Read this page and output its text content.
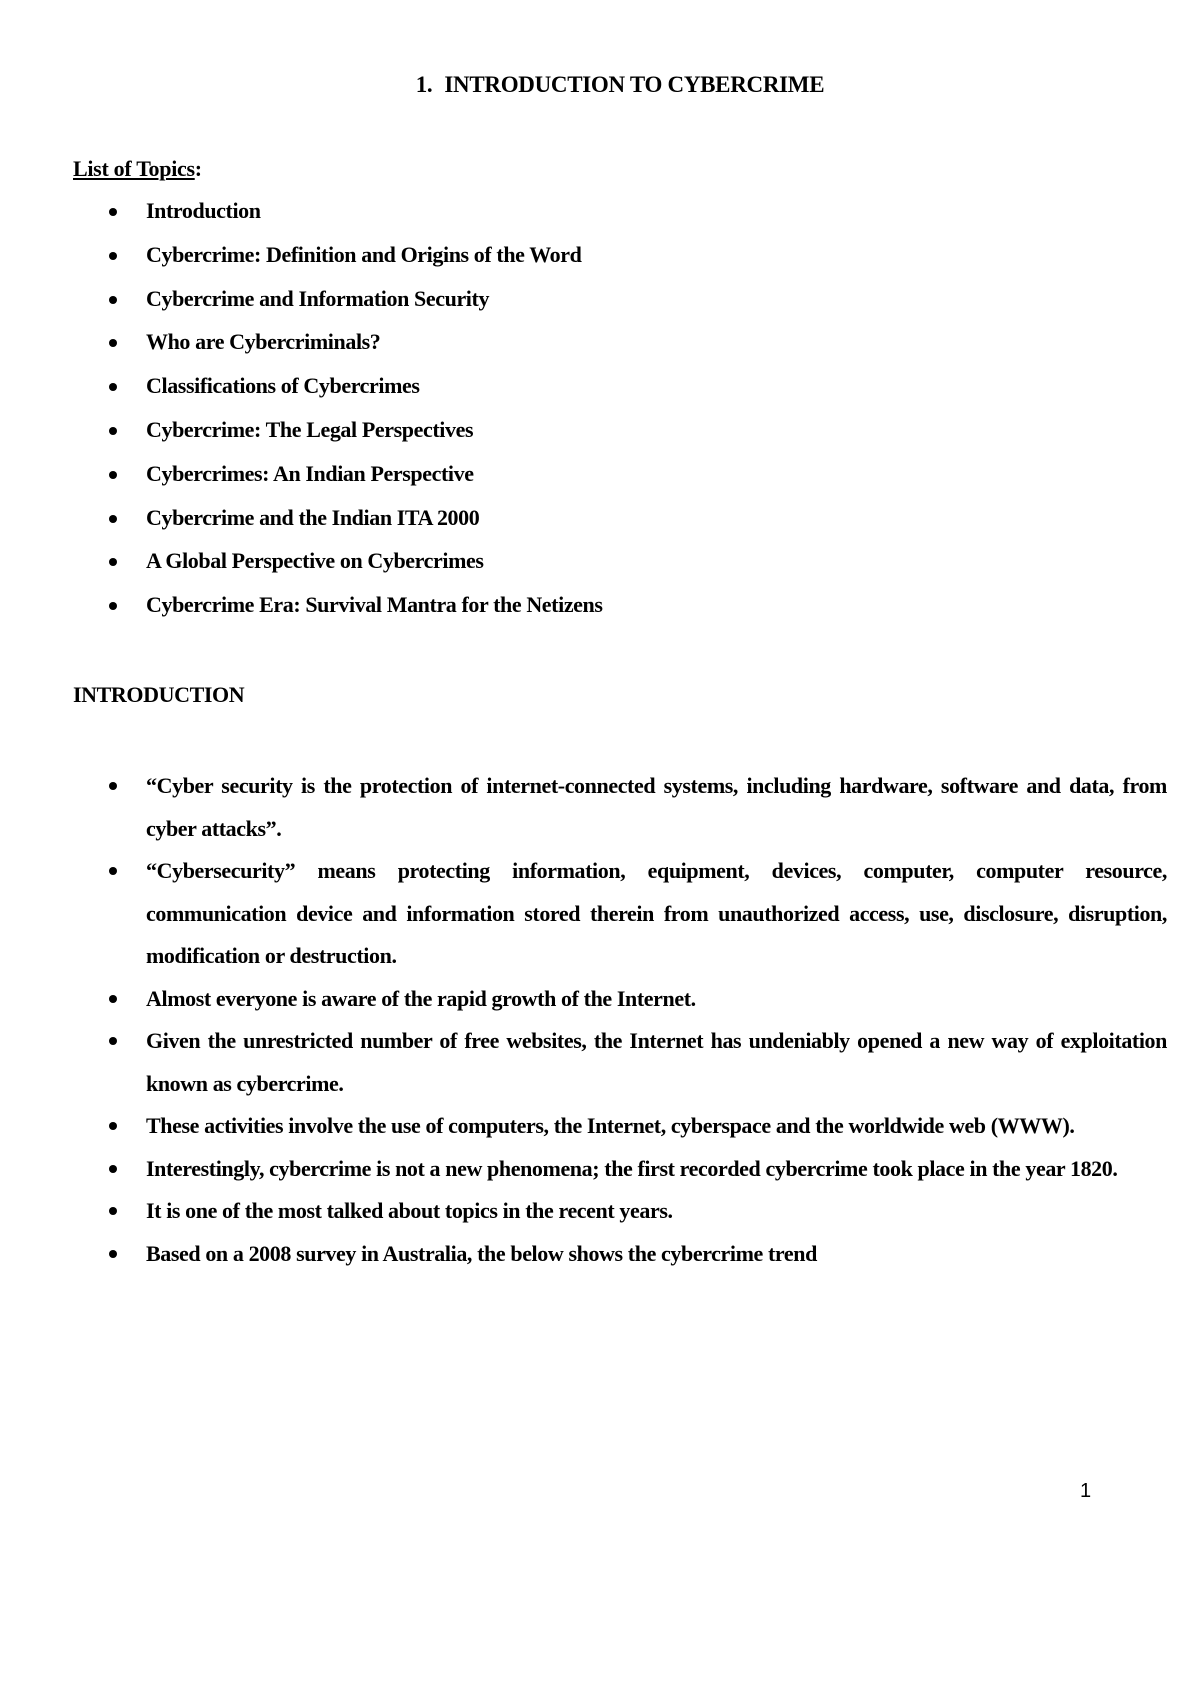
1. INTRODUCTION TO CYBERCRIME
List of Topics:
Introduction
Cybercrime: Definition and Origins of the Word
Cybercrime and Information Security
Who are Cybercriminals?
Classifications of Cybercrimes
Cybercrime: The Legal Perspectives
Cybercrimes: An Indian Perspective
Cybercrime and the Indian ITA 2000
A Global Perspective on Cybercrimes
Cybercrime Era: Survival Mantra for the Netizens
INTRODUCTION
“Cyber security is the protection of internet-connected systems, including hardware, software and data, from cyber attacks”.
“Cybersecurity” means protecting information, equipment, devices, computer, computer resource, communication device and information stored therein from unauthorized access, use, disclosure, disruption, modification or destruction.
Almost everyone is aware of the rapid growth of the Internet.
Given the unrestricted number of free websites, the Internet has undeniably opened a new way of exploitation known as cybercrime.
These activities involve the use of computers, the Internet, cyberspace and the worldwide web (WWW).
Interestingly, cybercrime is not a new phenomena; the first recorded cybercrime took place in the year 1820.
It is one of the most talked about topics in the recent years.
Based on a 2008 survey in Australia, the below shows the cybercrime trend
1
